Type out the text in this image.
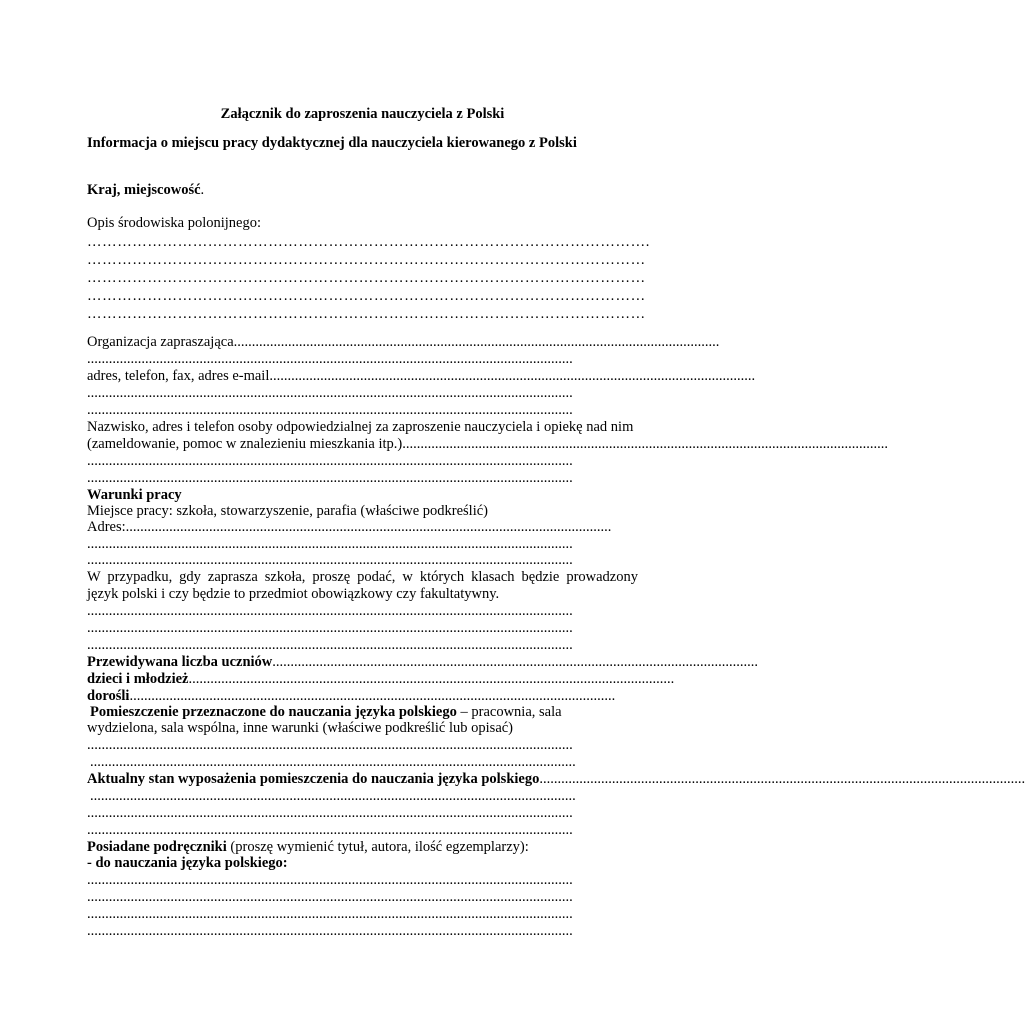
Załącznik do zaproszenia nauczyciela z Polski
Informacja o miejscu pracy dydaktycznej dla nauczyciela kierowanego z Polski
Kraj, miejscowość.
Opis środowiska polonijnego:
………………………………………………………………………………………………….
…………………………………………………………………………………………………
…………………………………………………………………………………………………
…………………………………………………………………………………………………
…………………………………………………………………………………………………
Organizacja zapraszająca......................................................................................................................................
......................................................................................................................................
adres, telefon, fax, adres e-mail......................................................................................................................................
......................................................................................................................................
......................................................................................................................................
Nazwisko, adres i telefon osoby odpowiedzialnej za zaproszenie nauczyciela i opiekę nad nim
(zameldowanie, pomoc w znalezieniu mieszkania itp.)......................................................................................................................................
......................................................................................................................................
......................................................................................................................................
Warunki pracy
Miejsce pracy: szkoła, stowarzyszenie, parafia (właściwe podkreślić)
Adres:......................................................................................................................................
......................................................................................................................................
......................................................................................................................................
W przypadku, gdy zaprasza szkoła, proszę podać, w których klasach będzie prowadzony
język polski i czy będzie to przedmiot obowiązkowy czy fakultatywny.
......................................................................................................................................
......................................................................................................................................
......................................................................................................................................
Przewidywana liczba uczniów......................................................................................................................................
dzieci i młodzież......................................................................................................................................
dorośli......................................................................................................................................
Pomieszczenie przeznaczone do nauczania języka polskiego – pracownia, sala
wydzielona, sala wspólna, inne warunki (właściwe podkreślić lub opisać)
......................................................................................................................................
......................................................................................................................................
Aktualny stan wyposażenia pomieszczenia do nauczania języka polskiego......................................................................................................................................
......................................................................................................................................
......................................................................................................................................
......................................................................................................................................
Posiadane podręczniki (proszę wymienić tytuł, autora, ilość egzemplarzy):
- do nauczania języka polskiego:
......................................................................................................................................
......................................................................................................................................
......................................................................................................................................
......................................................................................................................................
